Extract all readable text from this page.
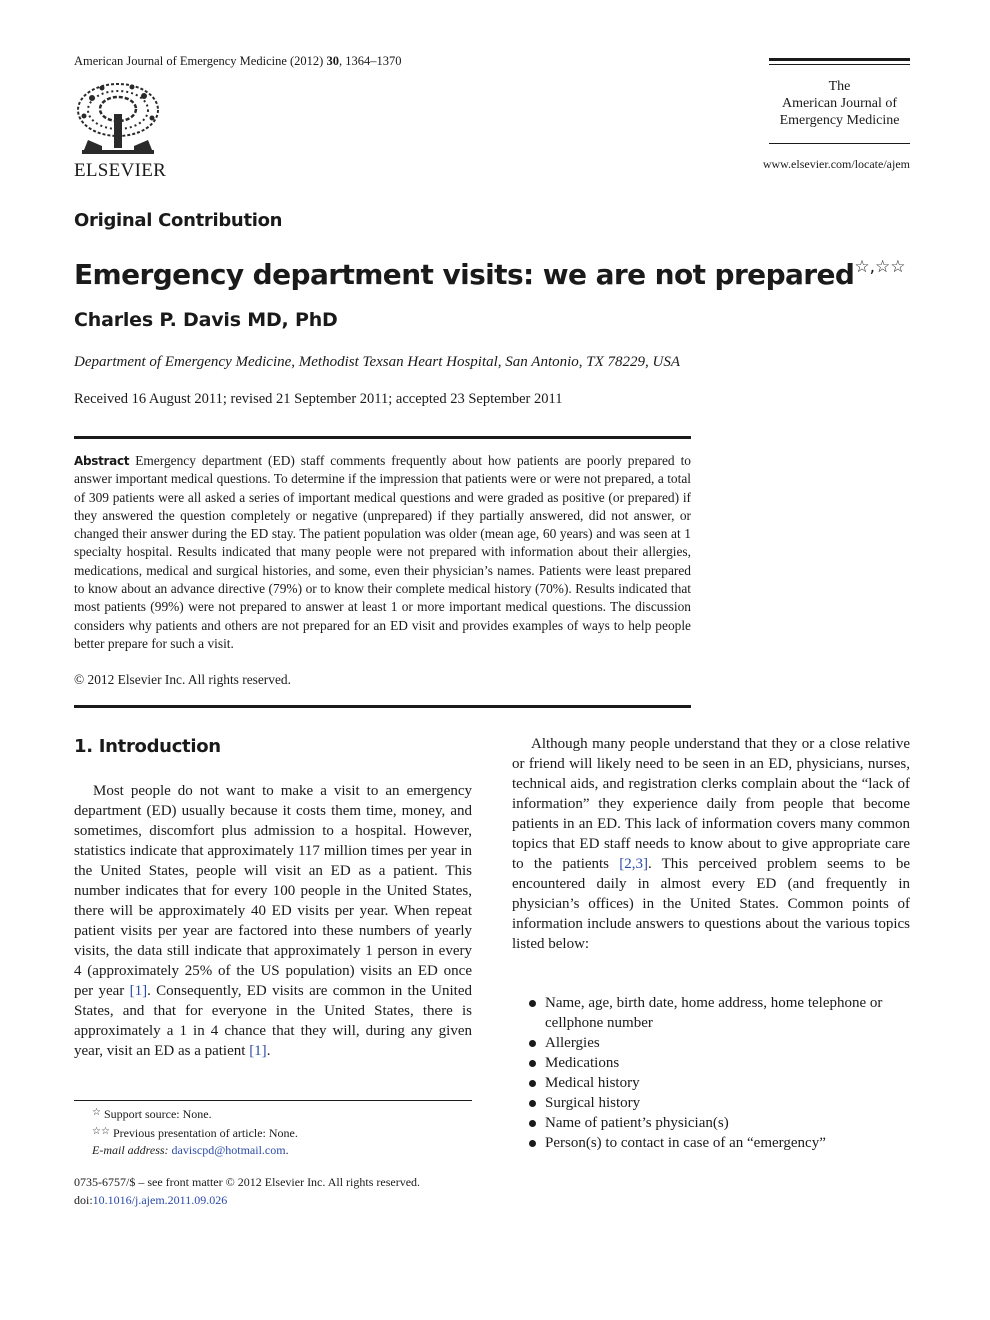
American Journal of Emergency Medicine (2012) 30, 1364–1370
ELSEVIER
The
American Journal of
Emergency Medicine
www.elsevier.com/locate/ajem
Original Contribution
Emergency department visits: we are not prepared☆,☆☆
Charles P. Davis MD, PhD
Department of Emergency Medicine, Methodist Texsan Heart Hospital, San Antonio, TX 78229, USA
Received 16 August 2011; revised 21 September 2011; accepted 23 September 2011
Abstract Emergency department (ED) staff comments frequently about how patients are poorly prepared to answer important medical questions. To determine if the impression that patients were or were not prepared, a total of 309 patients were all asked a series of important medical questions and were graded as positive (or prepared) if they answered the question completely or negative (unprepared) if they partially answered, did not answer, or changed their answer during the ED stay. The patient population was older (mean age, 60 years) and was seen at 1 specialty hospital. Results indicated that many people were not prepared with information about their allergies, medications, medical and surgical histories, and some, even their physician’s names. Patients were least prepared to know about an advance directive (79%) or to know their complete medical history (70%). Results indicated that most patients (99%) were not prepared to answer at least 1 or more important medical questions. The discussion considers why patients and others are not prepared for an ED visit and provides examples of ways to help people better prepare for such a visit.
© 2012 Elsevier Inc. All rights reserved.
1. Introduction
Most people do not want to make a visit to an emergency department (ED) usually because it costs them time, money, and sometimes, discomfort plus admission to a hospital. However, statistics indicate that approximately 117 million times per year in the United States, people will visit an ED as a patient. This number indicates that for every 100 people in the United States, there will be approximately 40 ED visits per year. When repeat patient visits per year are factored into these numbers of yearly visits, the data still indicate that approximately 1 person in every 4 (approximately 25% of the US population) visits an ED once per year [1]. Consequently, ED visits are common in the United States, and that for everyone in the United States, there is approximately a 1 in 4 chance that they will, during any given year, visit an ED as a patient [1].
☆ Support source: None.
☆☆ Previous presentation of article: None.
E-mail address: daviscpd@hotmail.com.
0735-6757/$ – see front matter © 2012 Elsevier Inc. All rights reserved.
doi:10.1016/j.ajem.2011.09.026
Although many people understand that they or a close relative or friend will likely need to be seen in an ED, physicians, nurses, technical aids, and registration clerks complain about the “lack of information” they experience daily from people that become patients in an ED. This lack of information covers many common topics that ED staff needs to know about to give appropriate care to the patients [2,3]. This perceived problem seems to be encountered daily in almost every ED (and frequently in physician’s offices) in the United States. Common points of information include answers to questions about the various topics listed below:
Name, age, birth date, home address, home telephone or cellphone number
Allergies
Medications
Medical history
Surgical history
Name of patient’s physician(s)
Person(s) to contact in case of an “emergency”
